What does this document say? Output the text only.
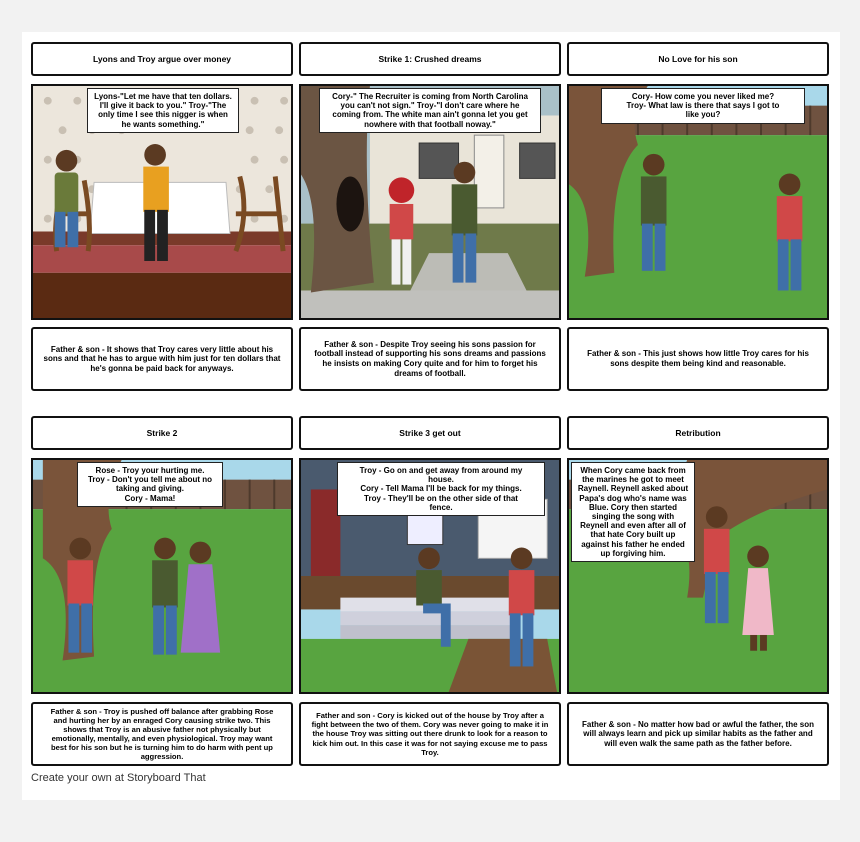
Lyons and Troy argue over money	Strike 1: Crushed dreams	No Love for his son
Lyons-"Let me have that ten dollars.
I'll give it back to you." Troy-"The
only time I see this nigger is when
he wants something."
Cory-" The Recruiter is coming from North Carolina
you can't not sign." Troy-"I don't care where he
coming from. The white man ain't gonna let you get
nowhere with that football noway."
Cory- How come you never liked me?
Troy- What law is there that says I got to
like you?
Father & son - It shows that Troy cares very little about his sons and that he has to argue with him just for ten dollars that he's gonna be paid back for anyways.
Father & son - Despite Troy seeing his sons passion for football instead of supporting his sons dreams and passions he insists on making Cory quite and for him to forget his dreams of football.
Father & son - This just shows how little Troy cares for his sons despite them being kind and reasonable.
Strike 2	Strike 3 get out	Retribution
Rose - Troy your hurting me.
Troy - Don't you tell me about no
taking and giving.
Cory - Mama!
Troy - Go on and get away from around my
house.
Cory - Tell Mama I'll be back for my things.
Troy - They'll be on the other side of that
fence.
When Cory came back from
the marines he got to meet
Raynell. Reynell asked about
Papa's dog who's name was
Blue. Cory then started
singing the song with
Reynell and even after all of
that hate Cory built up
against his father he ended
up forgiving him.
Father & son - Troy is pushed off balance after grabbing Rose and hurting her by an enraged Cory causing strike two. This shows that Troy is an abusive father not physically but emotionally, mentally, and even physiological. Troy may want best for his son but he is turning him to do harm with pent up aggression.
Father and son - Cory is kicked out of the house by Troy after a fight between the two of them. Cory was never going to make it in the house Troy was sitting out there drunk to look for a reason to kick him out. In this case it was for not saying excuse me to pass Troy.
Father & son - No matter how bad or awful the father, the son will always learn and pick up similar habits as the father and will even walk the same path as the father before.
Create your own at Storyboard That
